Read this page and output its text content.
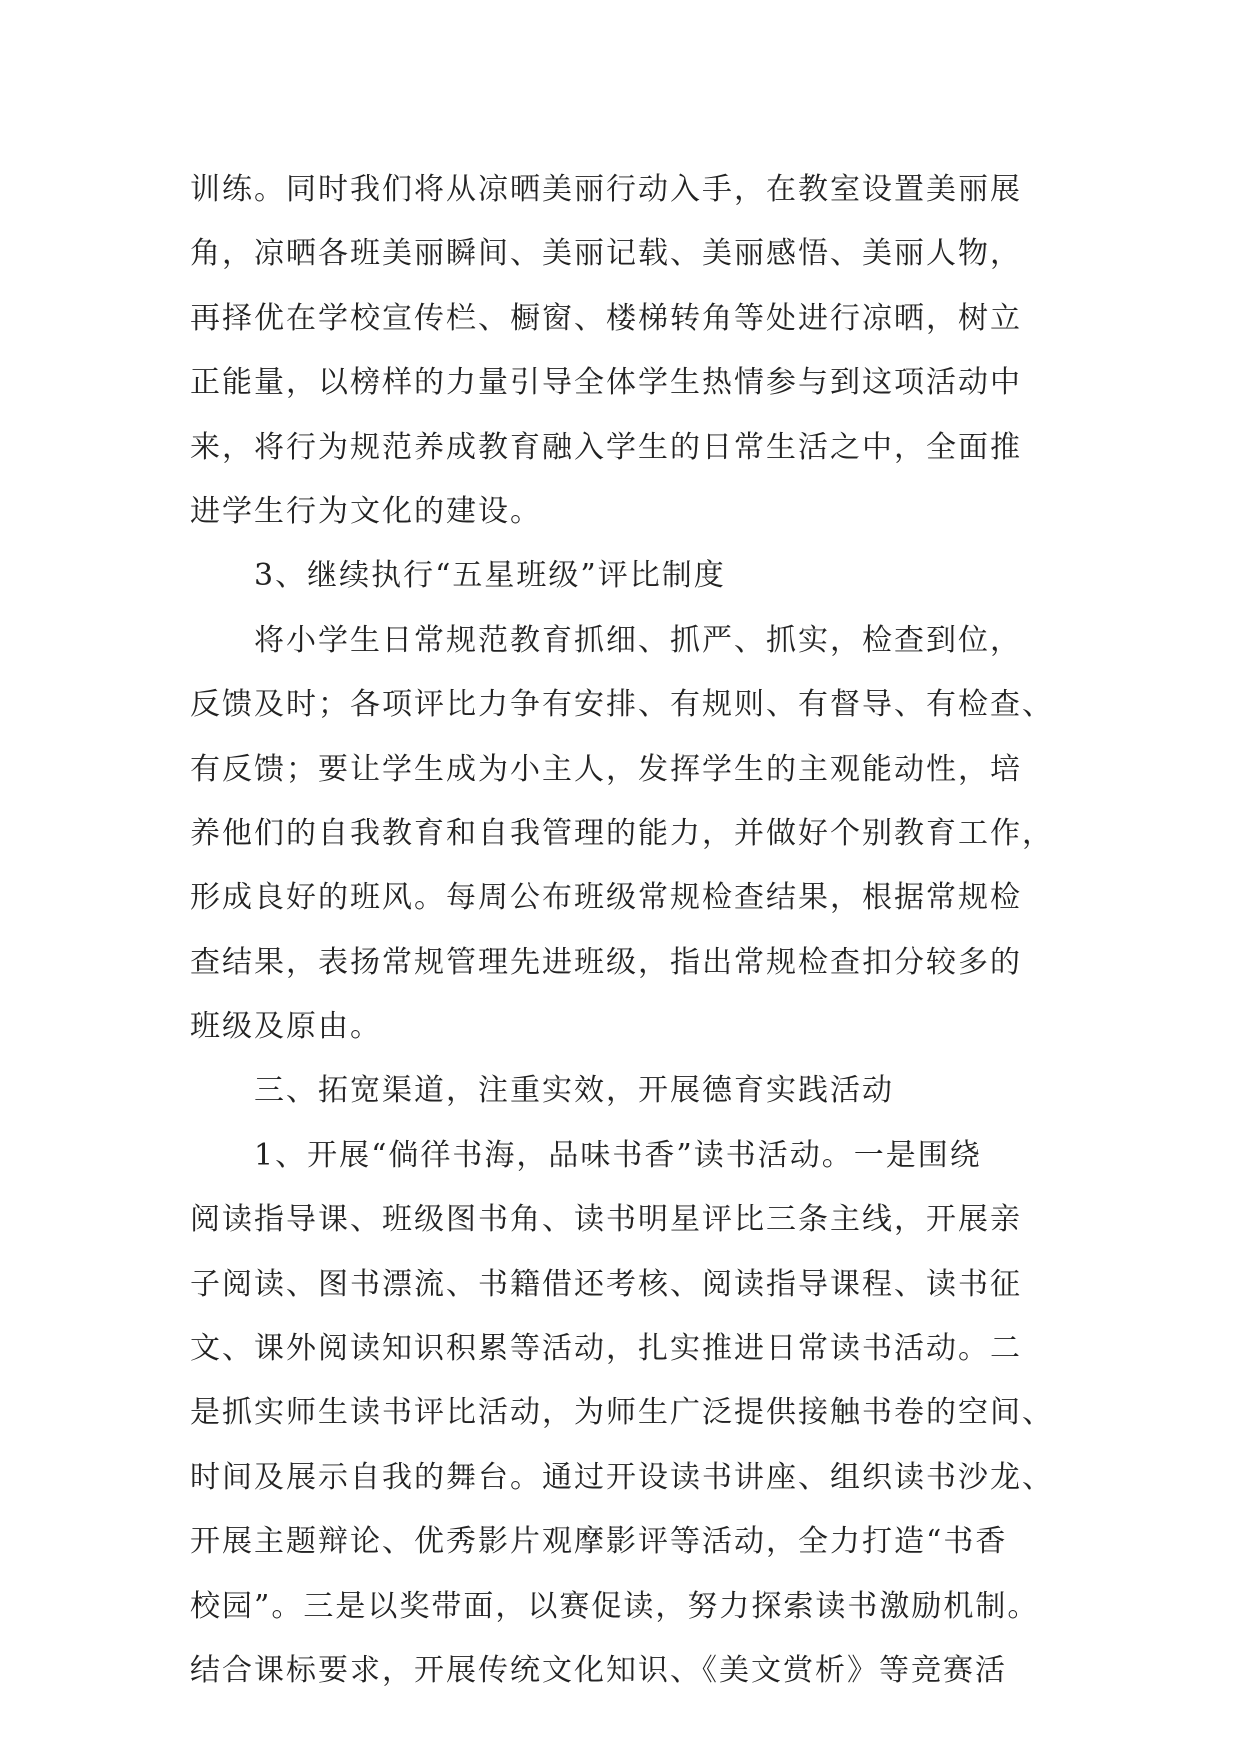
训练。同时我们将从凉晒美丽行动入手，在教室设置美丽展
角，凉晒各班美丽瞬间、美丽记载、美丽感悟、美丽人物，
再择优在学校宣传栏、橱窗、楼梯转角等处进行凉晒，树立
正能量，以榜样的力量引导全体学生热情参与到这项活动中
来，将行为规范养成教育融入学生的日常生活之中，全面推
进学生行为文化的建设。
3、继续执行“五星班级”评比制度
将小学生日常规范教育抓细、抓严、抓实，检查到位，
反馈及时；各项评比力争有安排、有规则、有督导、有检查、
有反馈；要让学生成为小主人，发挥学生的主观能动性，培
养他们的自我教育和自我管理的能力，并做好个别教育工作，
形成良好的班风。每周公布班级常规检查结果，根据常规检
查结果，表扬常规管理先进班级，指出常规检查扣分较多的
班级及原由。
三、拓宽渠道，注重实效，开展德育实践活动
1、开展“倘徉书海，品味书香”读书活动。一是围绕
阅读指导课、班级图书角、读书明星评比三条主线，开展亲
子阅读、图书漂流、书籍借还考核、阅读指导课程、读书征
文、课外阅读知识积累等活动，扎实推进日常读书活动。二
是抓实师生读书评比活动，为师生广泛提供接触书卷的空间、
时间及展示自我的舞台。通过开设读书讲座、组织读书沙龙、
开展主题辩论、优秀影片观摩影评等活动，全力打造“书香
校园”。三是以奖带面，以赛促读，努力探索读书激励机制。
结合课标要求，开展传统文化知识、《美文赏析》等竞赛活
